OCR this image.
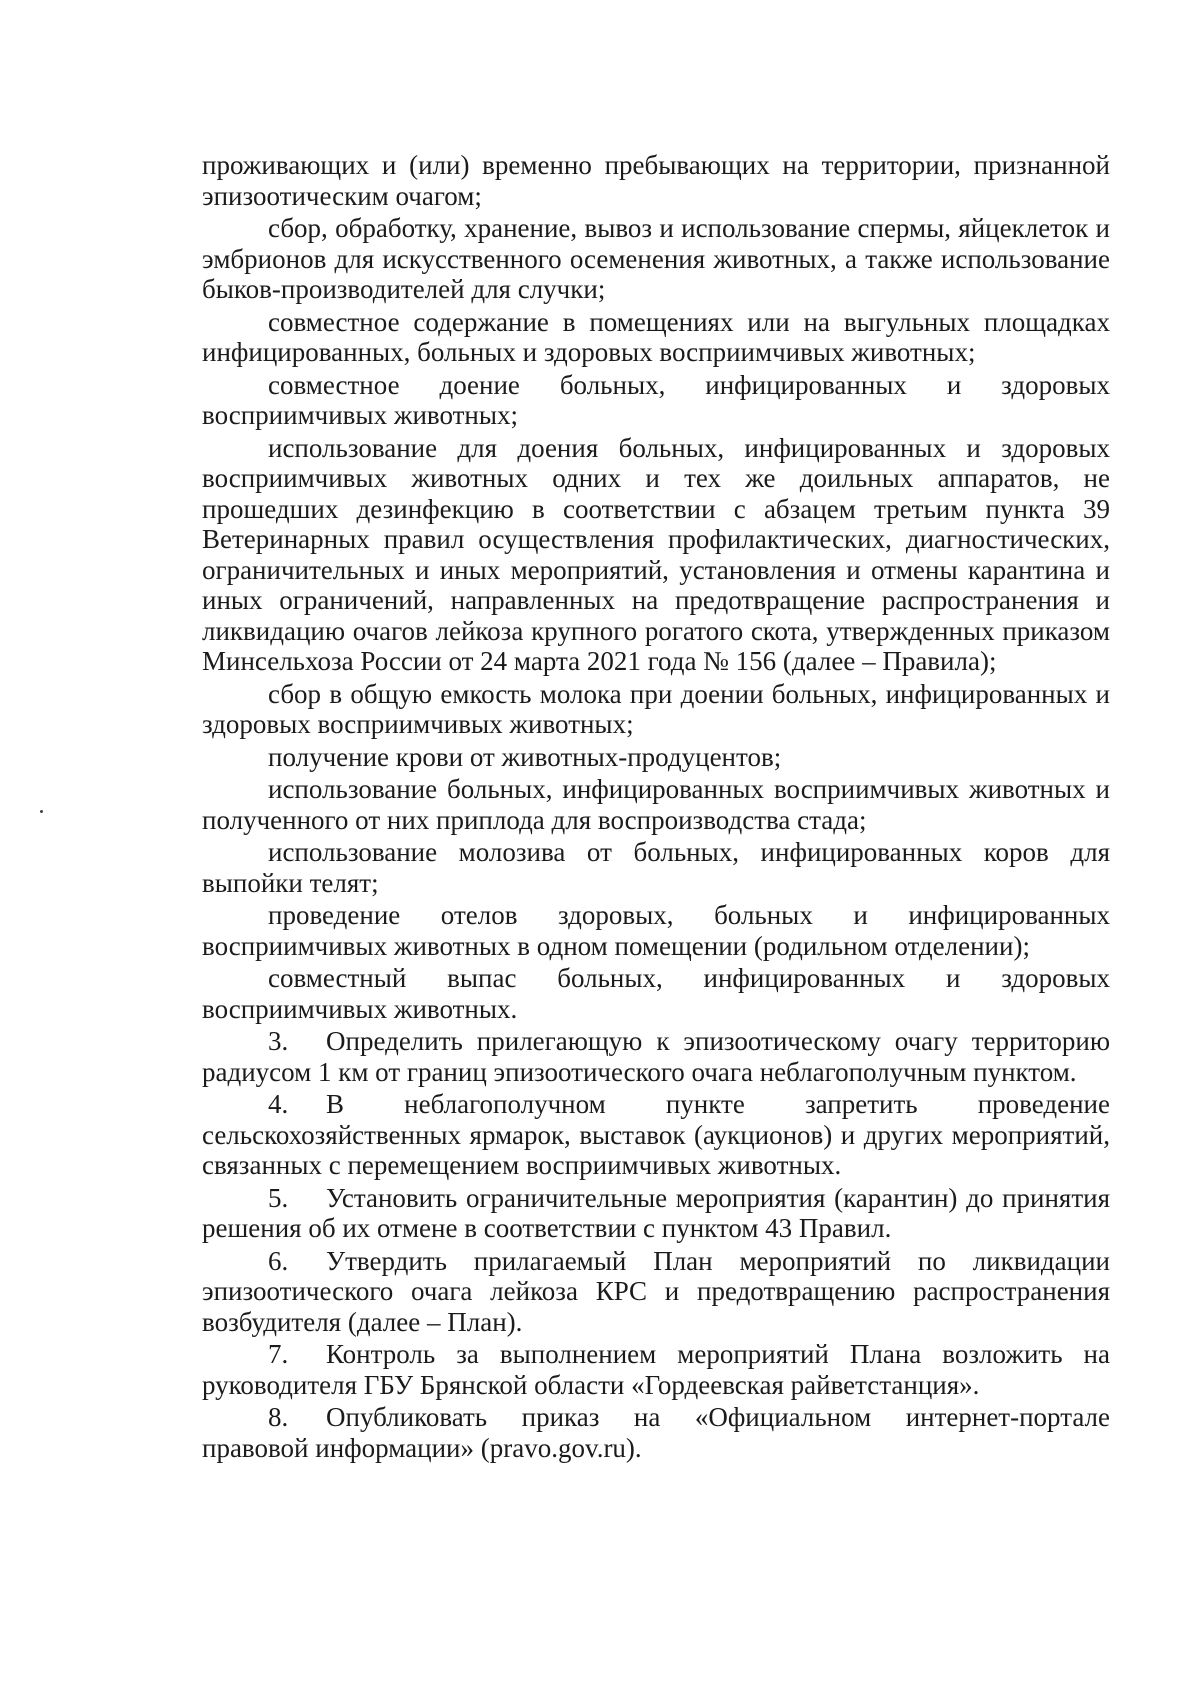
проживающих и (или) временно пребывающих на территории, признанной эпизоотическим очагом;

сбор, обработку, хранение, вывоз и использование спермы, яйцеклеток и эмбрионов для искусственного осеменения животных, а также использование быков-производителей для случки;

совместное содержание в помещениях или на выгульных площадках инфицированных, больных и здоровых восприимчивых животных;

совместное доение больных, инфицированных и здоровых восприимчивых животных;

использование для доения больных, инфицированных и здоровых восприимчивых животных одних и тех же доильных аппаратов, не прошедших дезинфекцию в соответствии с абзацем третьим пункта 39 Ветеринарных правил осуществления профилактических, диагностических, ограничительных и иных мероприятий, установления и отмены карантина и иных ограничений, направленных на предотвращение распространения и ликвидацию очагов лейкоза крупного рогатого скота, утвержденных приказом Минсельхоза России от 24 марта 2021 года № 156 (далее – Правила);

сбор в общую емкость молока при доении больных, инфицированных и здоровых восприимчивых животных;

получение крови от животных-продуцентов;

использование больных, инфицированных восприимчивых животных и полученного от них приплода для воспроизводства стада;

использование молозива от больных, инфицированных коров для выпойки телят;

проведение отелов здоровых, больных и инфицированных восприимчивых животных в одном помещении (родильном отделении);

совместный выпас больных, инфицированных и здоровых восприимчивых животных.

3. Определить прилегающую к эпизоотическому очагу территорию радиусом 1 км от границ эпизоотического очага неблагополучным пунктом.

4. В неблагополучном пункте запретить проведение сельскохозяйственных ярмарок, выставок (аукционов) и других мероприятий, связанных с перемещением восприимчивых животных.

5. Установить ограничительные мероприятия (карантин) до принятия решения об их отмене в соответствии с пунктом 43 Правил.

6. Утвердить прилагаемый План мероприятий по ликвидации эпизоотического очага лейкоза КРС и предотвращению распространения возбудителя (далее – План).

7. Контроль за выполнением мероприятий Плана возложить на руководителя ГБУ Брянской области «Гордеевская райветстанция».

8. Опубликовать приказ на «Официальном интернет-портале правовой информации» (pravo.gov.ru).
